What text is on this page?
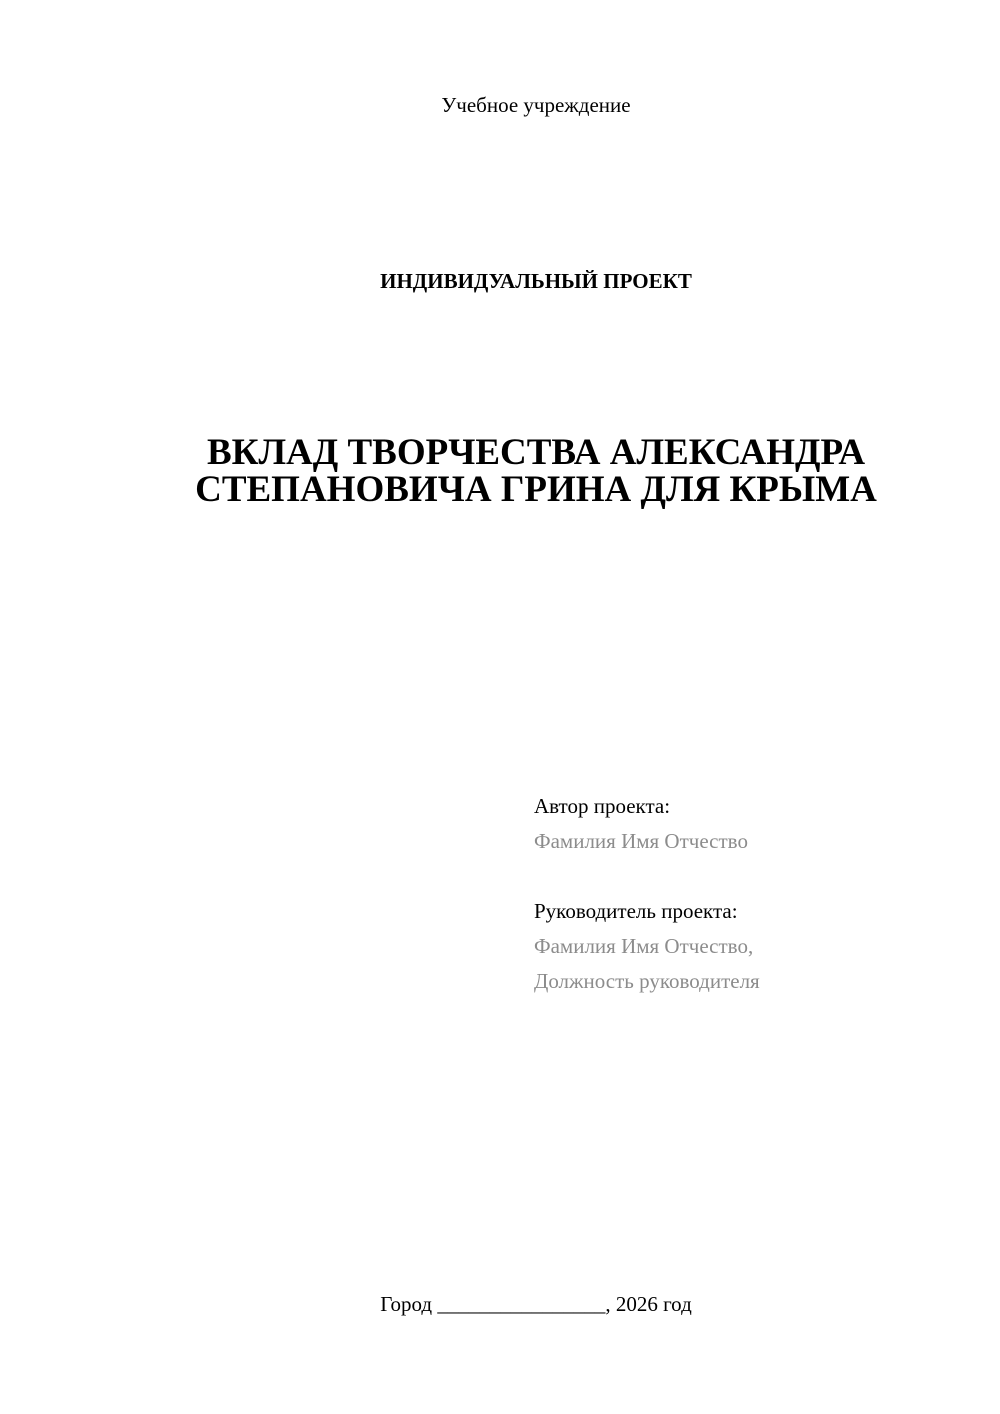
Учебное учреждение
ИНДИВИДУАЛЬНЫЙ ПРОЕКТ
ВКЛАД ТВОРЧЕСТВА АЛЕКСАНДРА
СТЕПАНОВИЧА ГРИНА ДЛЯ КРЫМА
Автор проекта:
Фамилия Имя Отчество
Руководитель проекта:
Фамилия Имя Отчество,
Должность руководителя
Город ________________, 2026 год
